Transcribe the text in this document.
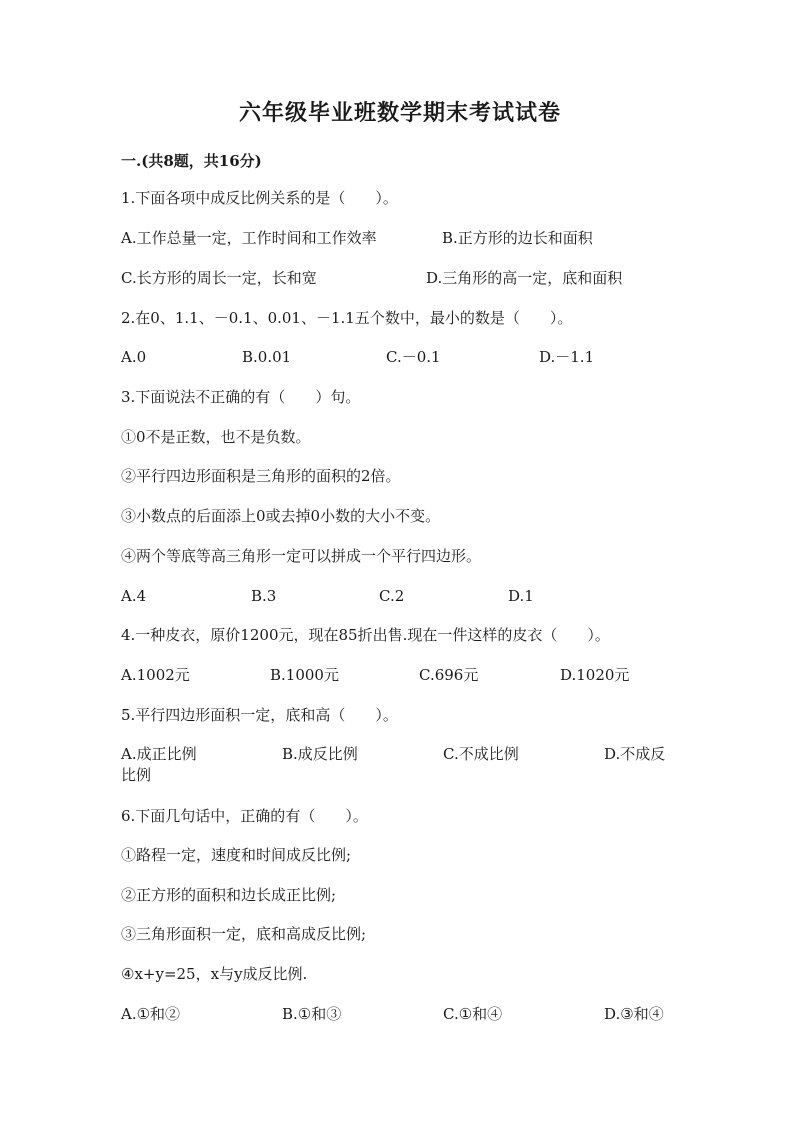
六年级毕业班数学期末考试试卷
一.(共8题，共16分)
1.下面各项中成反比例关系的是（　　）。
A.工作总量一定，工作时间和工作效率	B.正方形的边长和面积
C.长方形的周长一定，长和宽	D.三角形的高一定，底和面积
2.在0、1.1、－0.1、0.01、－1.1五个数中，最小的数是（　　）。
A.0	B.0.01	C.－0.1	D.－1.1
3.下面说法不正确的有（　　）句。
①0不是正数，也不是负数。
②平行四边形面积是三角形的面积的2倍。
③小数点的后面添上0或去掉0小数的大小不变。
④两个等底等高三角形一定可以拼成一个平行四边形。
A.4	B.3	C.2	D.1
4.一种皮衣，原价1200元，现在85折出售.现在一件这样的皮衣（　　）。
A.1002元	B.1000元	C.696元	D.1020元
5.平行四边形面积一定，底和高（　　）。
A.成正比例	B.成反比例	C.不成比例	D.不成反
比例
6.下面几句话中，正确的有（　　）。
①路程一定，速度和时间成反比例;
②正方形的面积和边长成正比例;
③三角形面积一定，底和高成反比例;
④x+y=25，x与y成反比例.
A.①和②	B.①和③	C.①和④	D.③和④
